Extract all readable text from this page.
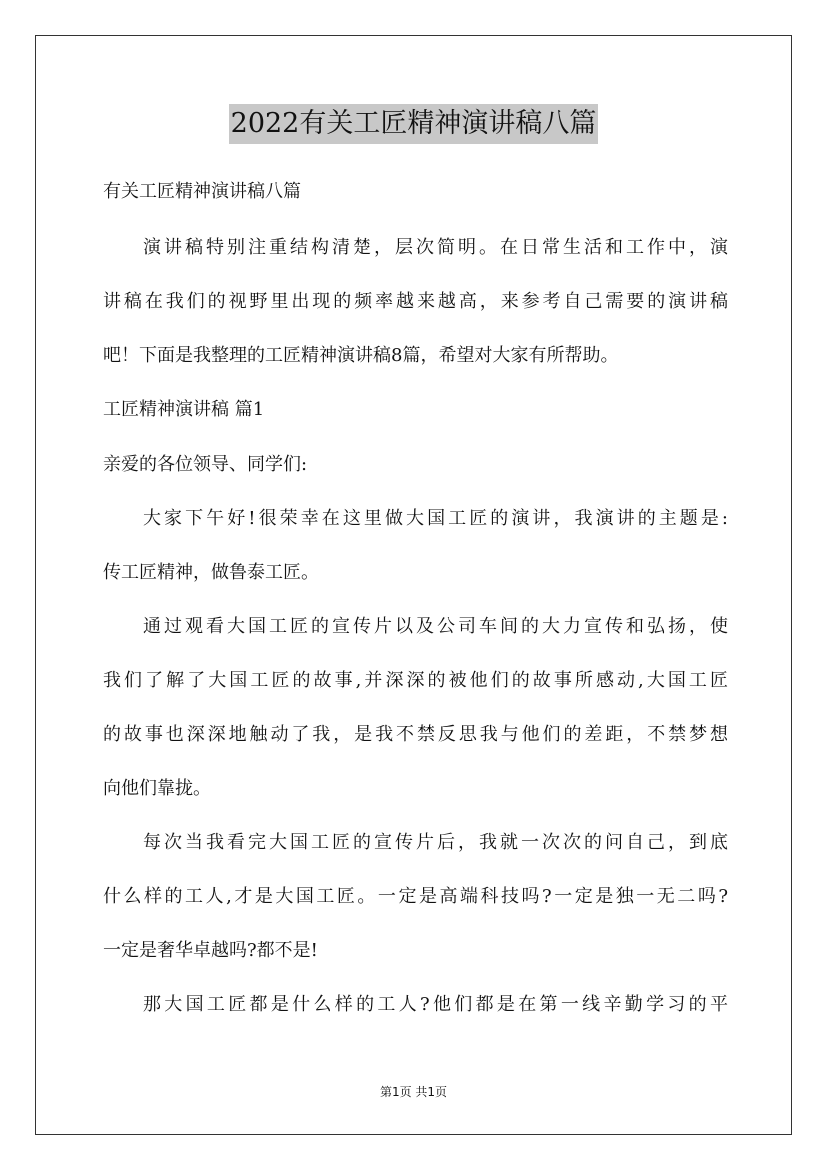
2022有关工匠精神演讲稿八篇
有关工匠精神演讲稿八篇
演讲稿特别注重结构清楚，层次简明。在日常生活和工作中，演
讲稿在我们的视野里出现的频率越来越高，来参考自己需要的演讲稿
吧！下面是我整理的工匠精神演讲稿8篇，希望对大家有所帮助。
工匠精神演讲稿 篇1
亲爱的各位领导、同学们:
大家下午好!很荣幸在这里做大国工匠的演讲，我演讲的主题是:
传工匠精神，做鲁泰工匠。
通过观看大国工匠的宣传片以及公司车间的大力宣传和弘扬，使
我们了解了大国工匠的故事,并深深的被他们的故事所感动,大国工匠
的故事也深深地触动了我，是我不禁反思我与他们的差距，不禁梦想
向他们靠拢。
每次当我看完大国工匠的宣传片后，我就一次次的问自己，到底
什么样的工人,才是大国工匠。一定是高端科技吗?一定是独一无二吗?
一定是奢华卓越吗?都不是!
那大国工匠都是什么样的工人?他们都是在第一线辛勤学习的平
第1页 共1页
